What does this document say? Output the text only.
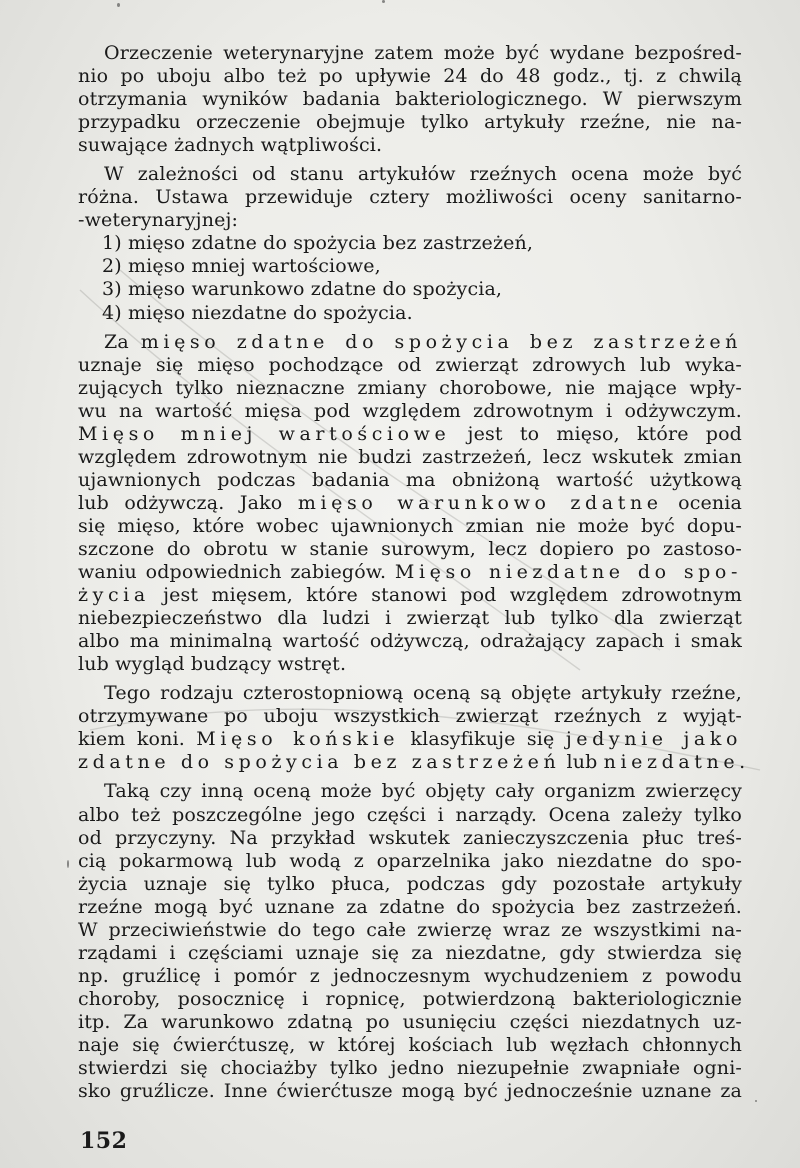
Orzeczenie weterynaryjne zatem może być wydane bezpośred-
nio po uboju albo też po upływie 24 do 48 godz., tj. z chwilą
otrzymania wyników badania bakteriologicznego. W pierwszym
przypadku orzeczenie obejmuje tylko artykuły rzeźne, nie na-
suwające żadnych wątpliwości.
W zależności od stanu artykułów rzeźnych ocena może być
różna. Ustawa przewiduje cztery możliwości oceny sanitarno-
-weterynaryjnej:
1) mięso zdatne do spożycia bez zastrzeżeń,
2) mięso mniej wartościowe,
3) mięso warunkowo zdatne do spożycia,
4) mięso niezdatne do spożycia.
Za mięso zdatne do spożycia bez zastrzeżeń
uznaje się mięso pochodzące od zwierząt zdrowych lub wyka-
zujących tylko nieznaczne zmiany chorobowe, nie mające wpły-
wu na wartość mięsa pod względem zdrowotnym i odżywczym.
Mięso mniej wartościowe jest to mięso, które pod
względem zdrowotnym nie budzi zastrzeżeń, lecz wskutek zmian
ujawnionych podczas badania ma obniżoną wartość użytkową
lub odżywczą. Jako mięso warunkowo zdatne ocenia
się mięso, które wobec ujawnionych zmian nie może być dopu-
szczone do obrotu w stanie surowym, lecz dopiero po zastoso-
waniu odpowiednich zabiegów. Mięso niezdatne do spo-
życia jest mięsem, które stanowi pod względem zdrowotnym
niebezpieczeństwo dla ludzi i zwierząt lub tylko dla zwierząt
albo ma minimalną wartość odżywczą, odrażający zapach i smak
lub wygląd budzący wstręt.
Tego rodzaju czterostopniową oceną są objęte artykuły rzeźne,
otrzymywane po uboju wszystkich zwierząt rzeźnych z wyjąt-
kiem koni. Mięso końskie klasyfikuje się jedynie jako
zdatne do spożycia bez zastrzeżeń lub niezdatne.
Taką czy inną oceną może być objęty cały organizm zwierzęcy
albo też poszczególne jego części i narządy. Ocena zależy tylko
od przyczyny. Na przykład wskutek zanieczyszczenia płuc treś-
cią pokarmową lub wodą z oparzelnika jako niezdatne do spo-
życia uznaje się tylko płuca, podczas gdy pozostałe artykuły
rzeźne mogą być uznane za zdatne do spożycia bez zastrzeżeń.
W przeciwieństwie do tego całe zwierzę wraz ze wszystkimi na-
rządami i częściami uznaje się za niezdatne, gdy stwierdza się
np. gruźlicę i pomór z jednoczesnym wychudzeniem z powodu
choroby, posocznicę i ropnicę, potwierdzoną bakteriologicznie
itp. Za warunkowo zdatną po usunięciu części niezdatnych uz-
naje się ćwierćtuszę, w której kościach lub węzłach chłonnych
stwierdzi się chociażby tylko jedno niezupełnie zwapniałe ogni-
sko gruźlicze. Inne ćwierćtusze mogą być jednocześnie uznane za
152
